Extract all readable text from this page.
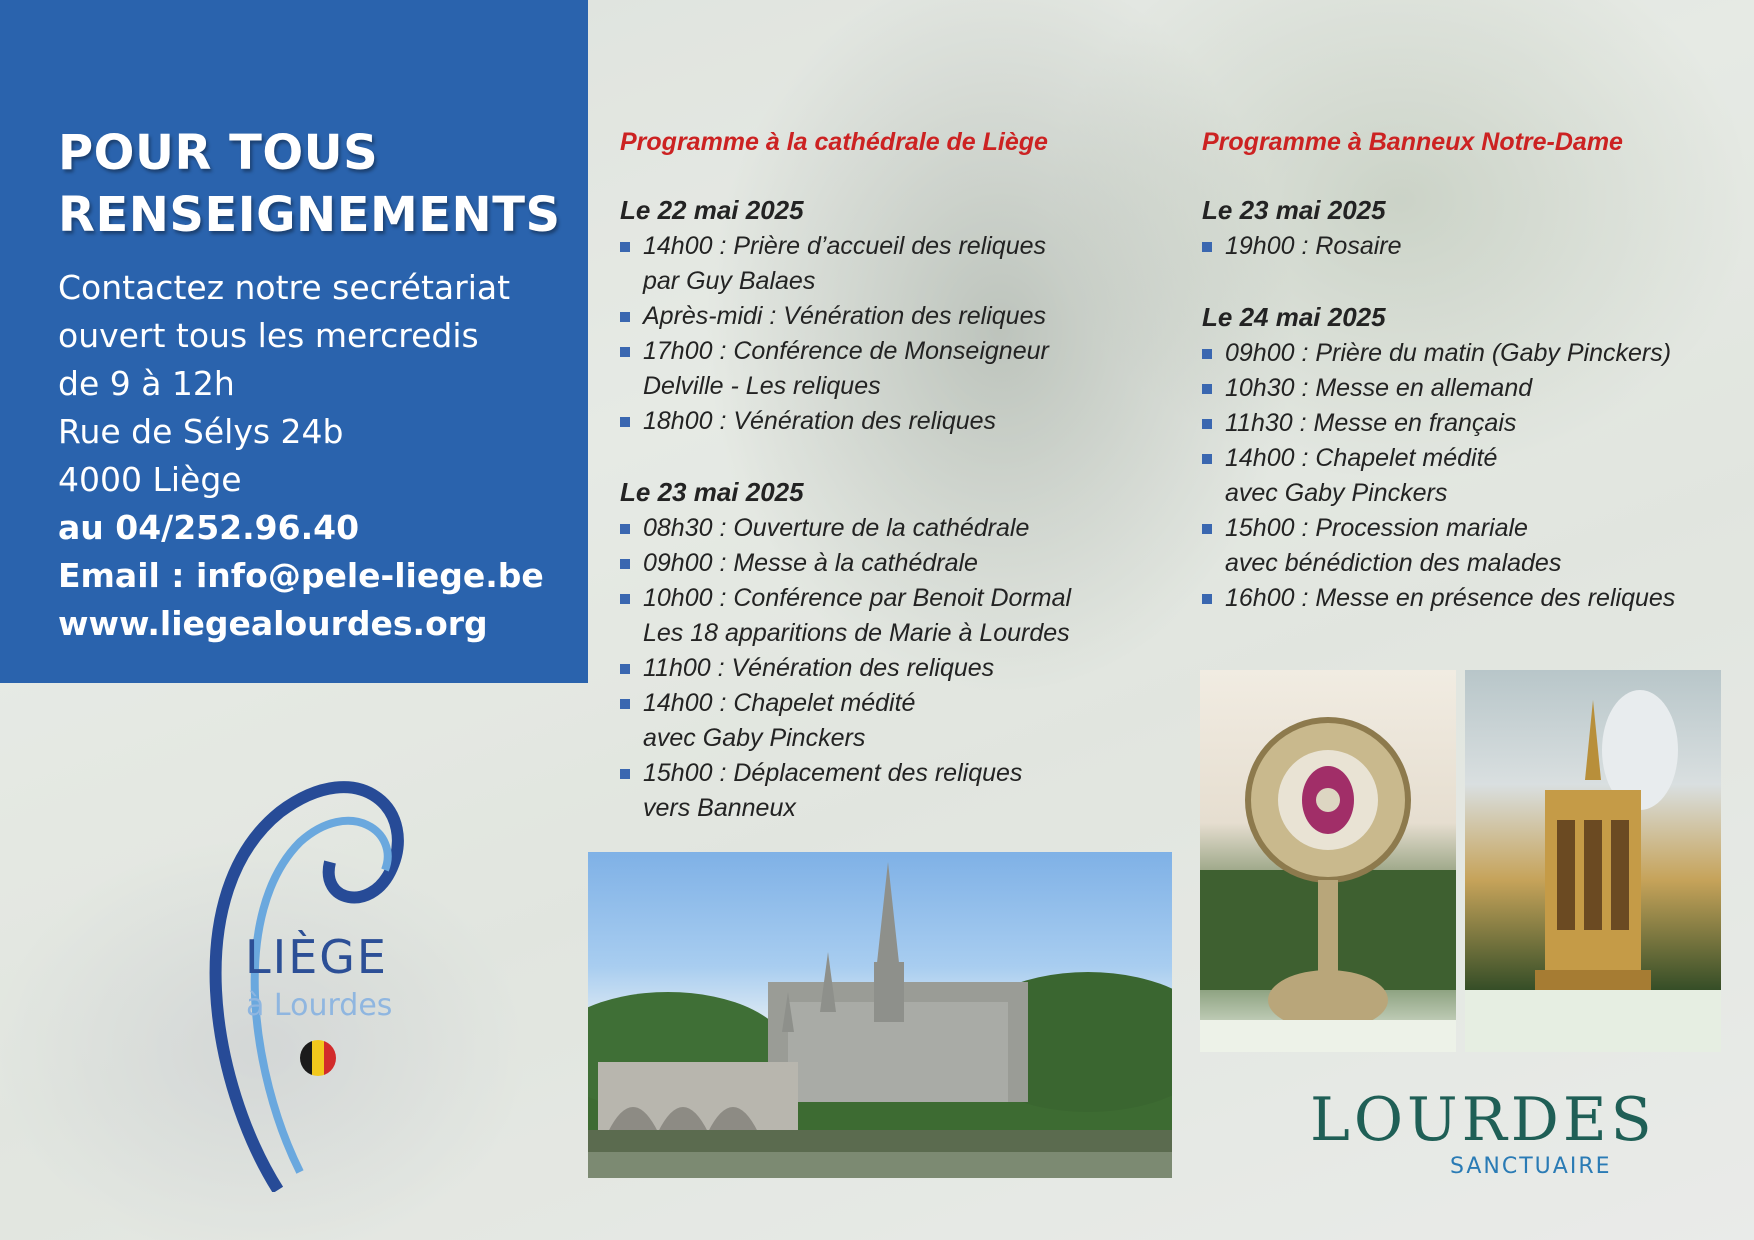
POUR TOUS
RENSEIGNEMENTS
Contactez notre secrétariat
ouvert tous les mercredis
de 9 à 12h
Rue de Sélys 24b
4000 Liège
au 04/252.96.40
Email : info@pele-liege.be
www.liegealourdes.org
Programme à la cathédrale de Liège
Le 22 mai 2025
14h00 : Prière d’accueil des reliques
par Guy Balaes
Après-midi : Vénération des reliques
17h00 : Conférence de Monseigneur
Delville - Les reliques
18h00 : Vénération des reliques
Le 23 mai 2025
08h30 : Ouverture de la cathédrale
09h00 : Messe à la cathédrale
10h00 : Conférence par Benoit Dormal
Les 18 apparitions de Marie à Lourdes
11h00 : Vénération des reliques
14h00 : Chapelet médité
avec Gaby Pinckers
15h00 : Déplacement des reliques
vers Banneux
Programme à Banneux Notre-Dame
Le 23 mai 2025
19h00 : Rosaire
Le 24 mai 2025
09h00 : Prière du matin (Gaby Pinckers)
10h30 : Messe en allemand
11h30 : Messe en français
14h00 : Chapelet médité
avec Gaby Pinckers
15h00 : Procession mariale
avec bénédiction des malades
16h00 : Messe en présence des reliques
LIÈGE
à Lourdes
LOURDES
SANCTUAIRE
